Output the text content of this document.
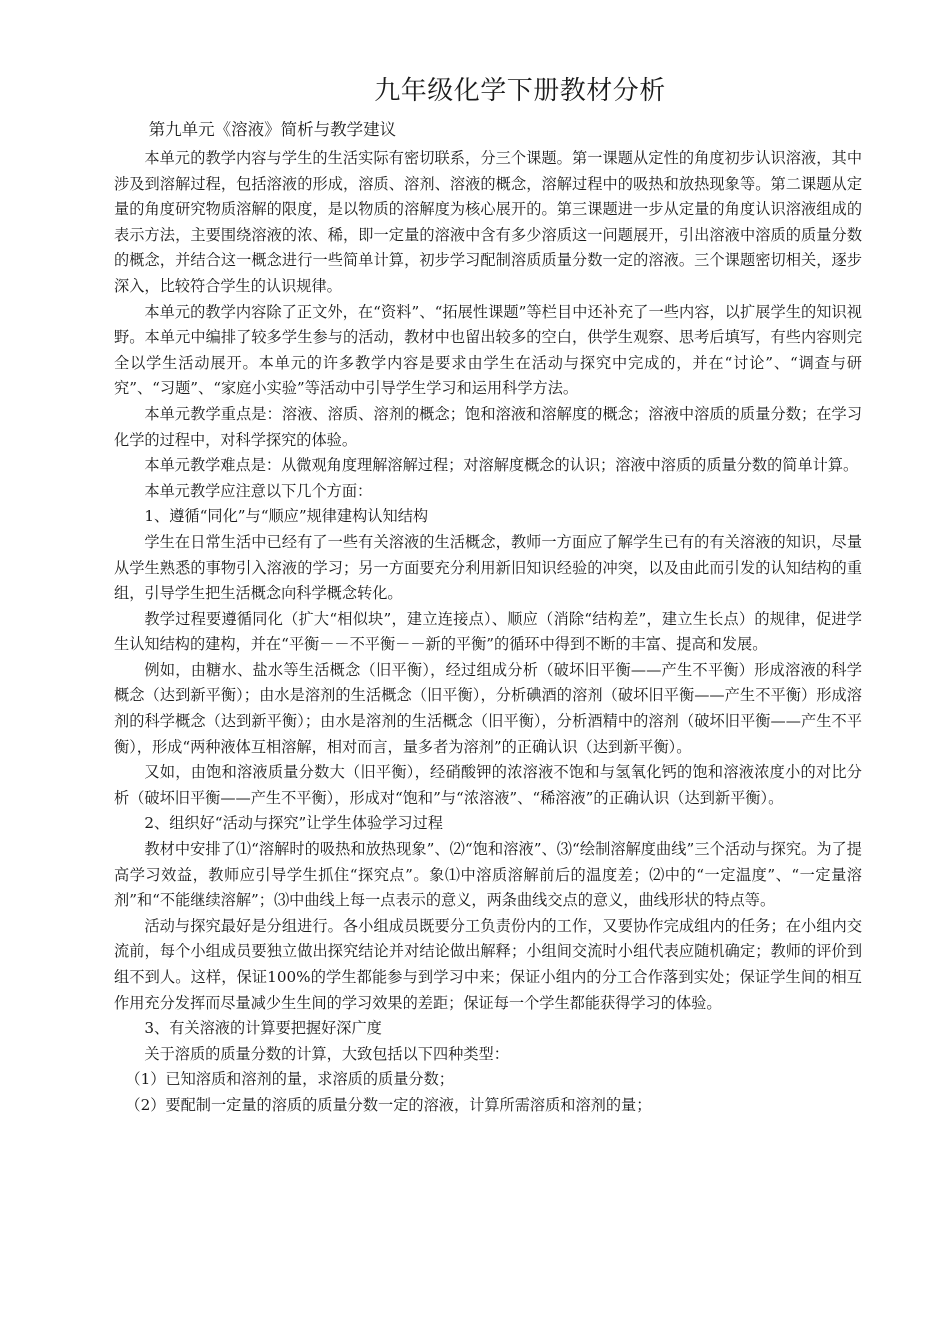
九年级化学下册教材分析

第九单元《溶液》简析与教学建议

本单元的教学内容与学生的生活实际有密切联系，分三个课题。第一课题从定性的角度初步认识溶液，其中涉及到溶解过程，包括溶液的形成，溶质、溶剂、溶液的概念，溶解过程中的吸热和放热现象等。第二课题从定量的角度研究物质溶解的限度，是以物质的溶解度为核心展开的。第三课题进一步从定量的角度认识溶液组成的表示方法，主要围绕溶液的浓、稀，即一定量的溶液中含有多少溶质这一问题展开，引出溶液中溶质的质量分数的概念，并结合这一概念进行一些简单计算，初步学习配制溶质质量分数一定的溶液。三个课题密切相关，逐步深入，比较符合学生的认识规律。

本单元的教学内容除了正文外，在“资料”、“拓展性课题”等栏目中还补充了一些内容，以扩展学生的知识视野。本单元中编排了较多学生参与的活动，教材中也留出较多的空白，供学生观察、思考后填写，有些内容则完全以学生活动展开。本单元的许多教学内容是要求由学生在活动与探究中完成的，并在“讨论”、“调查与研究”、“习题”、“家庭小实验”等活动中引导学生学习和运用科学方法。

本单元教学重点是：溶液、溶质、溶剂的概念；饱和溶液和溶解度的概念；溶液中溶质的质量分数；在学习化学的过程中，对科学探究的体验。

本单元教学难点是：从微观角度理解溶解过程；对溶解度概念的认识；溶液中溶质的质量分数的简单计算。

本单元教学应注意以下几个方面：

1、遵循“同化”与“顺应”规律建构认知结构

学生在日常生活中已经有了一些有关溶液的生活概念，教师一方面应了解学生已有的有关溶液的知识，尽量从学生熟悉的事物引入溶液的学习；另一方面要充分利用新旧知识经验的冲突，以及由此而引发的认知结构的重组，引导学生把生活概念向科学概念转化。

教学过程要遵循同化（扩大“相似块”，建立连接点）、顺应（消除“结构差”，建立生长点）的规律，促进学生认知结构的建构，并在“平衡－－不平衡－－新的平衡”的循环中得到不断的丰富、提高和发展。

例如，由糖水、盐水等生活概念（旧平衡），经过组成分析（破坏旧平衡——产生不平衡）形成溶液的科学概念（达到新平衡）；由水是溶剂的生活概念（旧平衡），分析碘酒的溶剂（破坏旧平衡——产生不平衡）形成溶剂的科学概念（达到新平衡）；由水是溶剂的生活概念（旧平衡），分析酒精中的溶剂（破坏旧平衡——产生不平衡），形成“两种液体互相溶解，相对而言，量多者为溶剂”的正确认识（达到新平衡）。

又如，由饱和溶液质量分数大（旧平衡），经硝酸钾的浓溶液不饱和与氢氧化钙的饱和溶液浓度小的对比分析（破坏旧平衡——产生不平衡），形成对“饱和”与“浓溶液”、“稀溶液”的正确认识（达到新平衡）。

2、组织好“活动与探究”让学生体验学习过程

教材中安排了⑴“溶解时的吸热和放热现象”、⑵“饱和溶液”、⑶“绘制溶解度曲线”三个活动与探究。为了提高学习效益，教师应引导学生抓住“探究点”。象⑴中溶质溶解前后的温度差；⑵中的“一定温度”、“一定量溶剂”和“不能继续溶解”；⑶中曲线上每一点表示的意义，两条曲线交点的意义，曲线形状的特点等。

活动与探究最好是分组进行。各小组成员既要分工负责份内的工作，又要协作完成组内的任务；在小组内交流前，每个小组成员要独立做出探究结论并对结论做出解释；小组间交流时小组代表应随机确定；教师的评价到组不到人。这样，保证100%的学生都能参与到学习中来；保证小组内的分工合作落到实处；保证学生间的相互作用充分发挥而尽量减少生生间的学习效果的差距；保证每一个学生都能获得学习的体验。

3、有关溶液的计算要把握好深广度

关于溶质的质量分数的计算，大致包括以下四种类型：

（1）已知溶质和溶剂的量，求溶质的质量分数；

（2）要配制一定量的溶质的质量分数一定的溶液，计算所需溶质和溶剂的量；
